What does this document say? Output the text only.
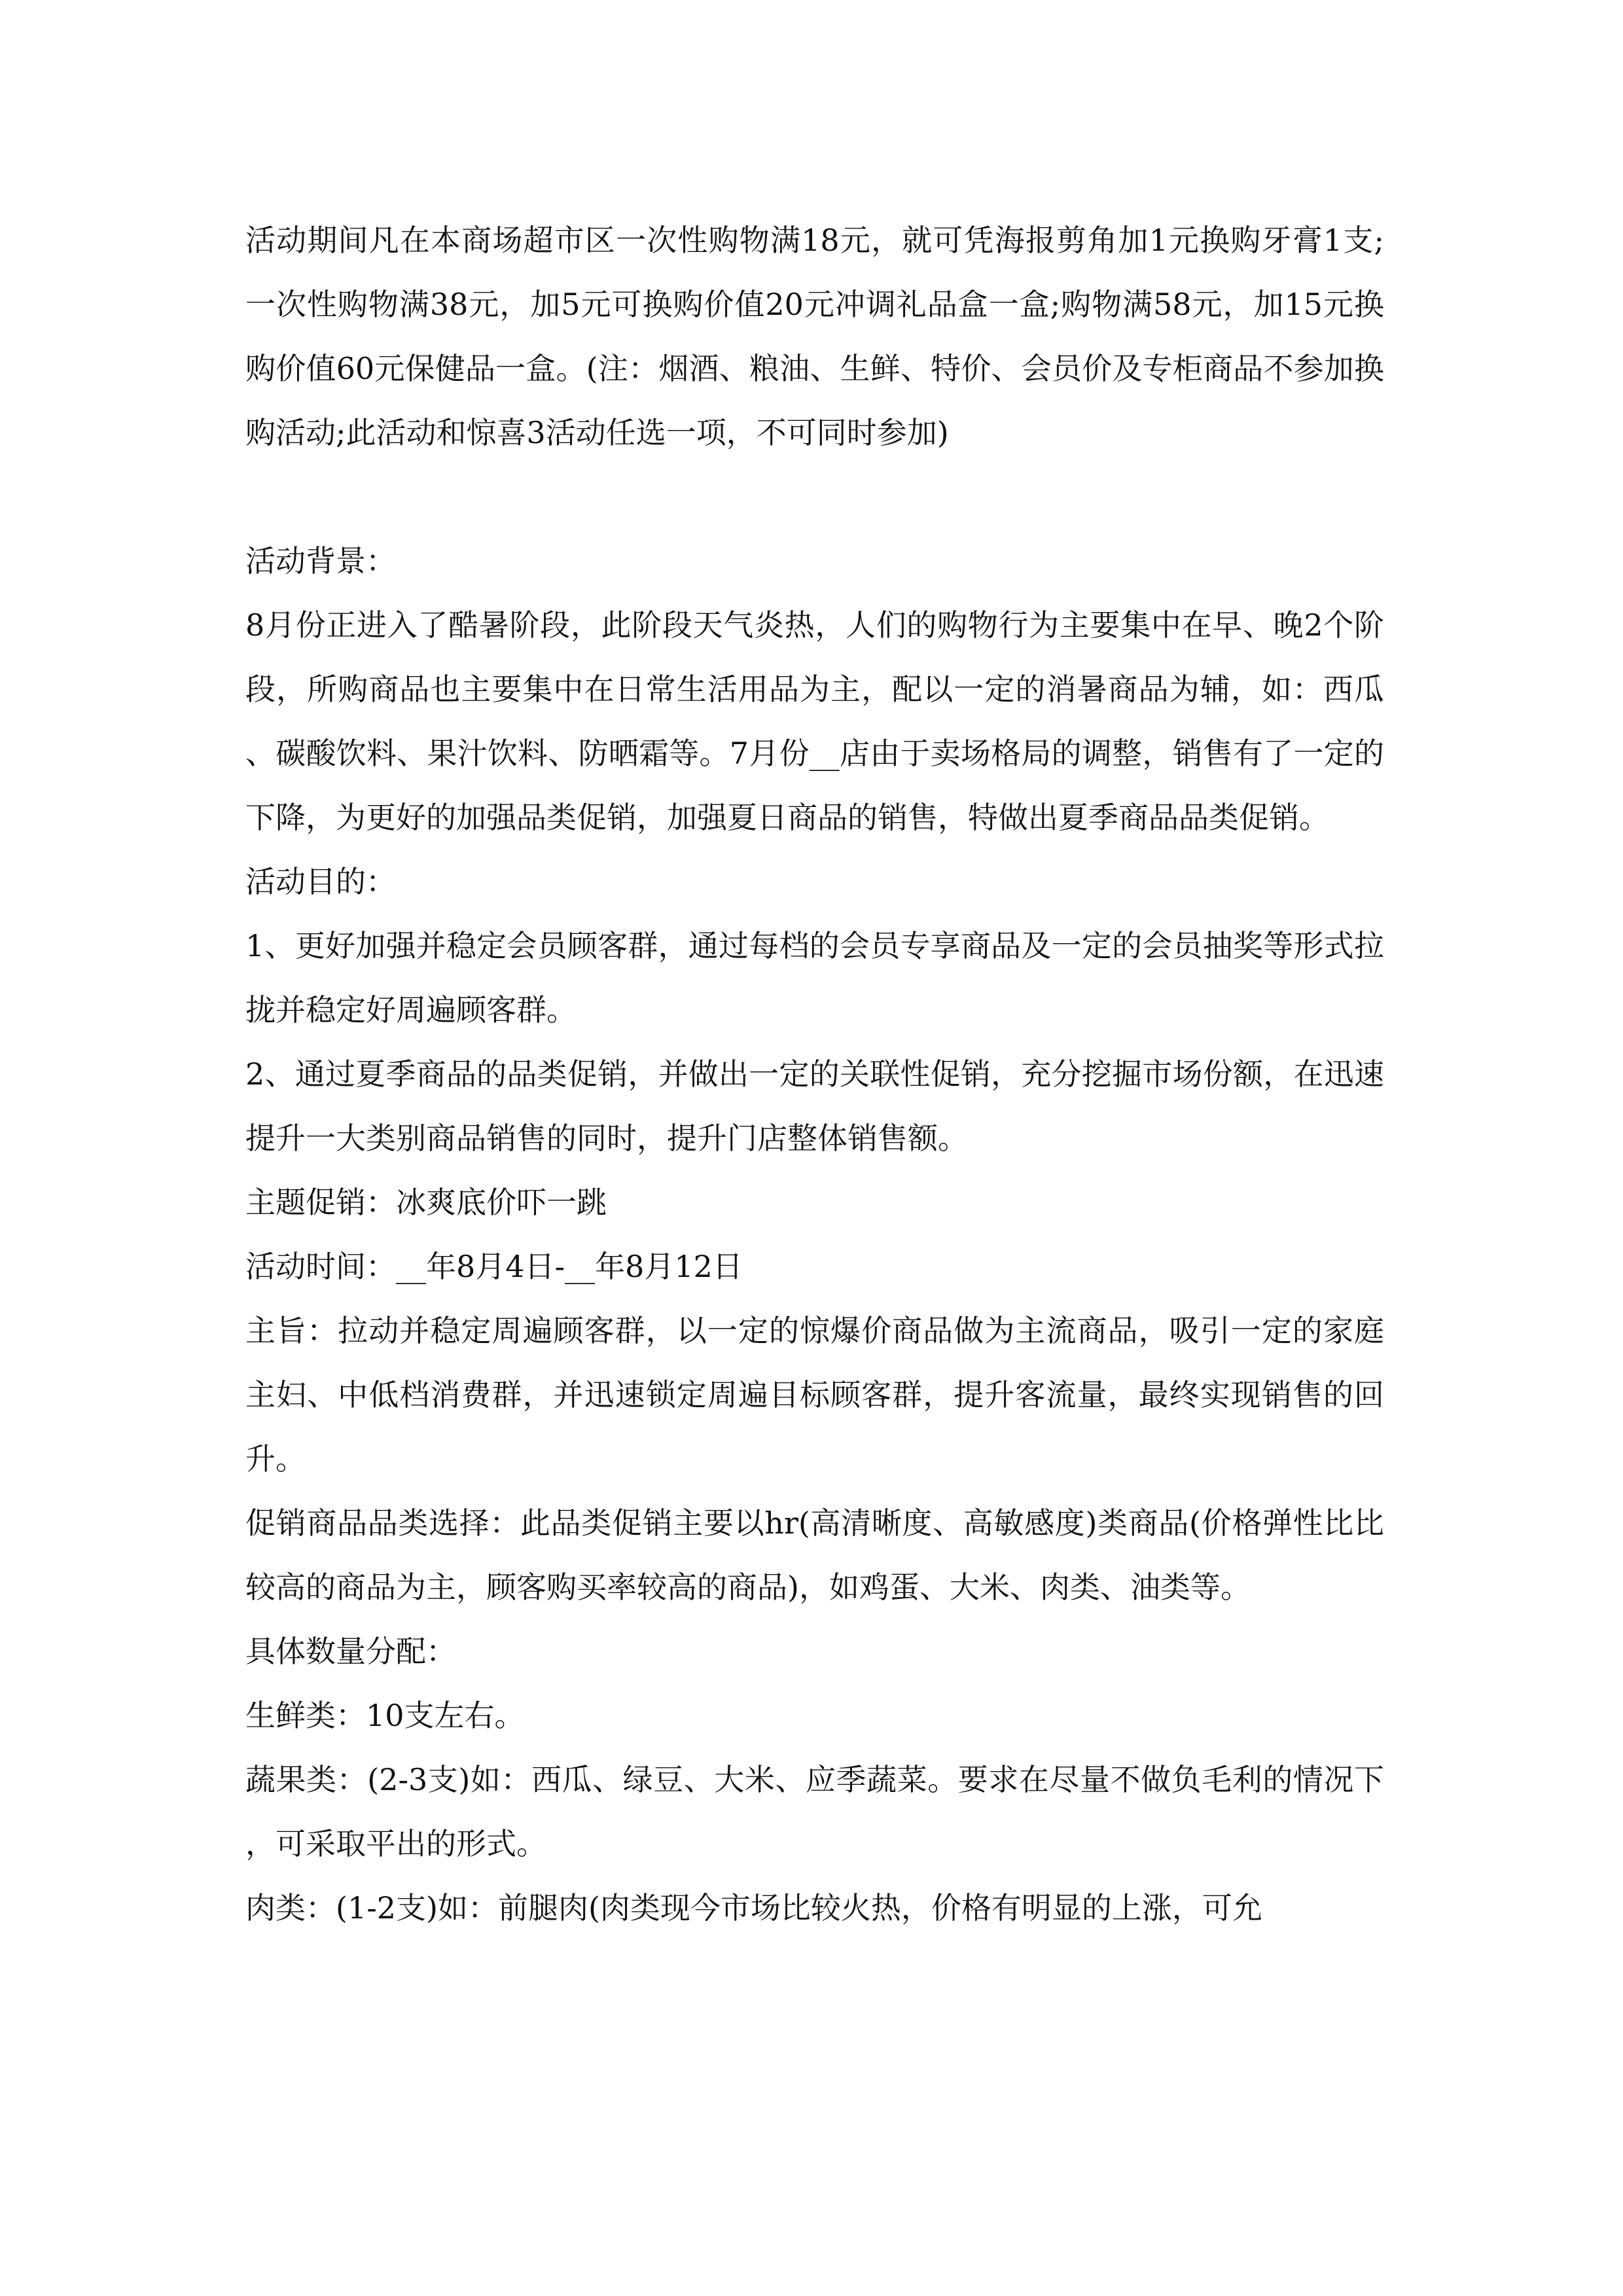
活动期间凡在本商场超市区一次性购物满18元，就可凭海报剪角加1元换购牙膏1支;一次性购物满38元，加5元可换购价值20元冲调礼品盒一盒;购物满58元，加15元换购价值60元保健品一盒。(注：烟酒、粮油、生鲜、特价、会员价及专柜商品不参加换购活动;此活动和惊喜3活动任选一项，不可同时参加)

活动背景：

8月份正进入了酷暑阶段，此阶段天气炎热，人们的购物行为主要集中在早、晚2个阶段，所购商品也主要集中在日常生活用品为主，配以一定的消暑商品为辅，如：西瓜、碳酸饮料、果汁饮料、防晒霜等。7月份__店由于卖场格局的调整，销售有了一定的下降，为更好的加强品类促销，加强夏日商品的销售，特做出夏季商品品类促销。

活动目的：

1、更好加强并稳定会员顾客群，通过每档的会员专享商品及一定的会员抽奖等形式拉拢并稳定好周遍顾客群。

2、通过夏季商品的品类促销，并做出一定的关联性促销，充分挖掘市场份额，在迅速提升一大类别商品销售的同时，提升门店整体销售额。

主题促销：冰爽底价吓一跳

活动时间：__年8月4日-__年8月12日

主旨：拉动并稳定周遍顾客群，以一定的惊爆价商品做为主流商品，吸引一定的家庭主妇、中低档消费群，并迅速锁定周遍目标顾客群，提升客流量，最终实现销售的回升。

促销商品品类选择：此品类促销主要以hr(高清晰度、高敏感度)类商品(价格弹性比比较高的商品为主，顾客购买率较高的商品)，如鸡蛋、大米、肉类、油类等。

具体数量分配：

生鲜类：10支左右。

蔬果类：(2-3支)如：西瓜、绿豆、大米、应季蔬菜。要求在尽量不做负毛利的情况下，可采取平出的形式。

肉类：(1-2支)如：前腿肉(肉类现今市场比较火热，价格有明显的上涨，可允
